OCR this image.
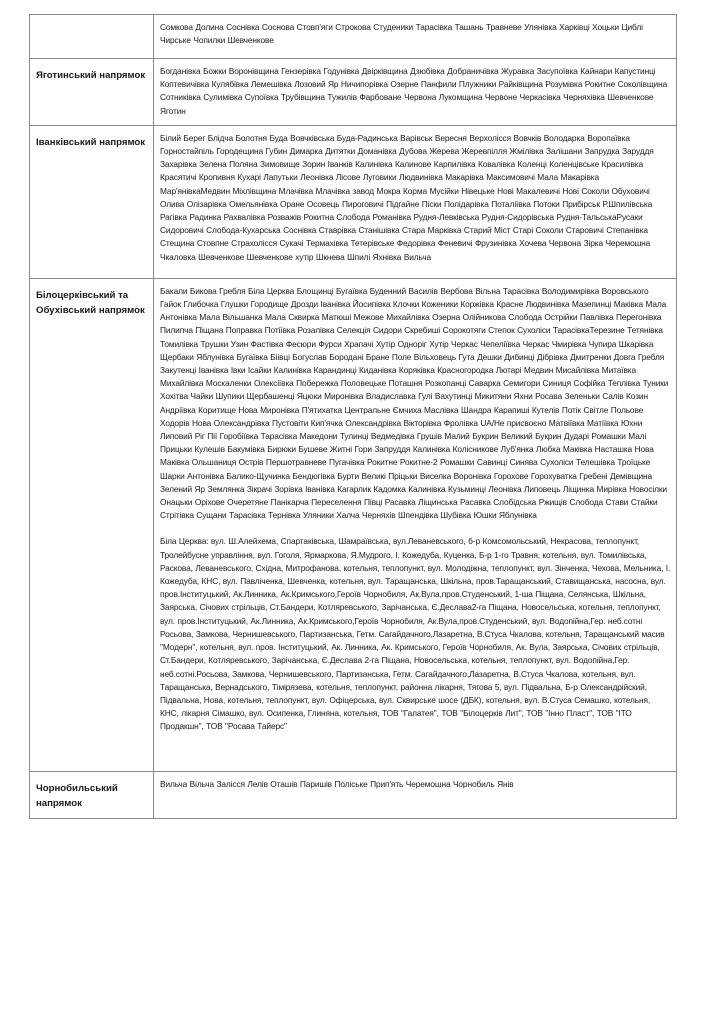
	Сомкова Долина Соснівка Соснова Стовп'яги Строкова Студеники Тарасівка Ташань Травневе Улянівка Харківці Хоцьки Циблі Чирське Чопилки Шевченкове

Яготинський напрямок	Богданівка Божки Воронівщина Гензерівка Годунівка Двірківщина Дзюбівка Добраничівка Журавка Засупоївка Кайнари Капустинці Коптевичівка Кулябівка Лемешівка Лозовий Яр Ничипорівка Озерне Панфили Плужники Райківщина Розумівка Рокитне Соколівщина Сотниківка Сулимівка Супоївка Трубівщина Тужилів Фарбоване Червона Лукомщина Червоне Черкасівка Черняхівка Шевченкове Яготин

Іванківський напрямок	Білий Берег Блідча Болотня Буда Вовчківська Буда-Радинська Варівськ Вересня Верхолісся Вовчків Володарка Воропаївка Горностайпіль Городещина Губин Димарка Дитятки Доманівка Дубова Жерева Жеревпілля Жмілівка Залішани Запрудка Заруддя Захарівка Зелена Поляна Зимовище Зорин Іванків Калинівка Калинове Карпилівка Ковалівка Коленці Коленцівське Красилівка Красятичі Кропивня Кухарі Лапутьки Леонівка Лісове Луговики Людвинівка Макарівка Максимовичі Мала Макарівка Мар'янівкаМедвин Міхлівщина Млачівка Млачівка завод Мокра Корма Мусійки Нівецьке Нові Макалевичі Нові Соколи Обуховичі Олива Олізарівка Омельянівка Оране Осовець Пироговичі Підгайне Піски Полідарівка Поталіївка Потоки Прибірськ Р.Шпилівська Рагівка Радинка Рахвалівка Розважів Рокитна Слобода Романівка Рудня-Левківська Рудня-Сидорівська Рудня-ТальськаРусаки Сидоровичі Слобода-Кухарська Соснівка Ставрівка Станішівка Стара Марківка Старий Міст Старі Соколи Старовичі Степанівка Стещина Стовпне Страхолісся Сукачі Термахівка Тетерівське Федорівка Феневичі Фрузинівка Хочева Червона Зірка Черемошна Чкаловка Шевченкове Шевченкове хутір Шкнева Шпилі Яхнівка Вильча

Білоцерківський та Обухівський напрямок	Бакали Бикова Гребля Біла Церква Блощинці Бугаївка Буденний Василів Вербова Вільна Тарасівка Володимирівка Воровського Гайок Глибочка Глушки Городище Дрозди Іванівка Йосипівка Клочки Коженики Коржівка Красне Людвинівка Мазепинці Маківка Мала Антонівка Мала Вільшанка Мала Сквирка Матюші Межове Михайлівка Озерна Олійникова Слобода Острійки Павлівка Перегонівка Пилипча Піщана Поправка Потіївка Розалівка Селекція Сидори Скребиші Сорокотяги Степок Сухоліси ТарасівкаТерезине Тетянівка Томилівка Трушки Узин Фастівка Фесюри Фурси Храпачі Хутір Одноріг Хутір Черкас Чепеліївка Черкас Чмирівка Чупира Шкарівка Щербаки Яблунівка Бугаївка Біівці Богуслав Бородані Бране Поле Вільховець Гута Дешки Дибинці Дібрівка Дмитренки Довга Гребля Закутенці Іванівка Івки Ісайки Калинівка Карандинці Киданівка Коряківка Красногородка Лютарі Медвин Мисайлівка Митаївка Михайлівка Москаленки Олексіївка Побережка Половецьке Поташня Розкопанці Саварка Семигори Синиця Софійка Теплівка Туники Хохітва Чайки Шупики Щербашенці Яцюки Миронівка Владиславка Гулі Вахутинці Микитяни Яхни Росава Зеленьки Салів Козин Андріївка Коритище Нова Миронівка П'ятихатка Центральне Ємчиха Маслівка Шандра Карапиші Кутелів Потік Світле Польове Ходорів Нова Олександрівка Пустовіти Кип'ячка Олександрівка Вікторівка Фролівка UA/Не присвоєно Матвіївка Матіївка Юхни Липовий Ріг Пії Горобіївка Тарасівка Македони Тулинці Ведмедівка Грушів Малий Букрин Великий Букрин Дударі Ромашки Малі Прицьки Кулешів Бакумівка Бирюки Бушеве Житні Гори Запруддя Калинівка Колісникове Луб'янка Любка Маківка Насташка Нова Маківка Ольшаниця Острів Першотравневе Пугачівка Рокитне Рокитне-2 Ромашки Савинці Синява Сухоліси Телешівка Троїцьке Шарки Антонівка Балико-Щучинка Бендюгівка Бурти Великі Пріцьки Виселка Воронівка Горохове Горохуватка Гребені Демівщина Зелений Яр Землянка Зікрачі Зорівка Іванівка Кагарлик Кадомка Калинівка Кузьминці Леонівка Липовець Ліщинка Мирівка Новосілки Онацьки Оріхове Очеретяне Панікарча Переселення Півці Расавка Ліщинська Расавка Слобідська Ржищів Слобода Стави Стайки Стрітівка Сущани Тарасівка Тернівка Уляники Халча Черняхів Шпендівка Шубівка Юшки Яблунівка

Біла Церква: вул. Ш.Алейхема, Спартаківська, Шамраївська, вул.Леваневського, б-р Комсомольський, Некрасова, теплопункт, Тролейбусне управління, вул. Гоголя, Ярмаркова, Я.Мудрого, І. Кожедуба, Куценка, Б-р 1-го Травня, котельня, вул. Томилівська, Раскова, Леваневського, Східна, Митрофанова, котельня, теплопункт, вул. Молодіжна, теплопункт, вул. Зінченка, Чехова, Мельника, І. Кожедуба, КНС, вул. Павліченка, Шевченка, котельня, вул. Таращанська, Шкільна, пров.Таращанський, Ставищанська, насосна, вул. пров.Інституцький, Ак.Линника, Ак.Кримського,Героїв Чорнобиля, Ак.Вула,пров.Студенський, 1-ша Піщана, Селянська, Шкільна, Заярська, Січових стрільців, Ст.Бандери, Котляревського, Зарічанська, Є.Деслава2-га Піщана, Новосельська, котельня, теплопункт, вул. пров.Інституцький, Ак.Линника, Ак.Кримського,Героїв Чорнобиля, Ак.Вула,пров.Студенський, вул. Водопійна,Гер. неб.сотні Росьова, Замкова, Чернишевського, Партизанська, Гетм. Сагайдачного,Лазаретна, В.Стуса Чкалова, котельня, Таращанський масив "Модерн", котельня, вул. пров. Інституцький, Ак. Линника, Ак. Кримського, Героїв Чорнобиля, Ак. Вула, Заярська, Січових стрільців, Ст.Бандери, Котляревського, Зарічанська, Є.Деслава 2-га Піщана, Новосельська, котельня, теплопункт, вул. Водопійна,Гер. неб.сотні.Росьова, Замкова, Чернишевського, Партизанська, Гетм. Сагайдачного,Лазаретна, В.Стуса Чкалова, котельня, вул. Таращанська, Вернадського, Тімірязева, котельня, теплопункт, районна лікарня, Тягова 5, вул. Підвальна, Б-р Олександрійский, Підвальна, Нова, котельня, теплопункт, вул. Офіцерська, вул. Сквирське шосе (ДБК), котельня, вул. В.Стуса Семашко, котельня, КНС, лікарня Сімашко, вул. Осипенка, Глиняна, котельня, ТОВ "Галатея", ТОВ "Білоцерків Лит", ТОВ "Інно Пласт", ТОВ "ІТО Продакшн", ТОВ "Росава Тайерс"

Чорнобильський напрямок	Вильча Вільча Залісся Лелів Оташів Паришів Поліське Прип'ять Черемошна Чорнобиль Янів
